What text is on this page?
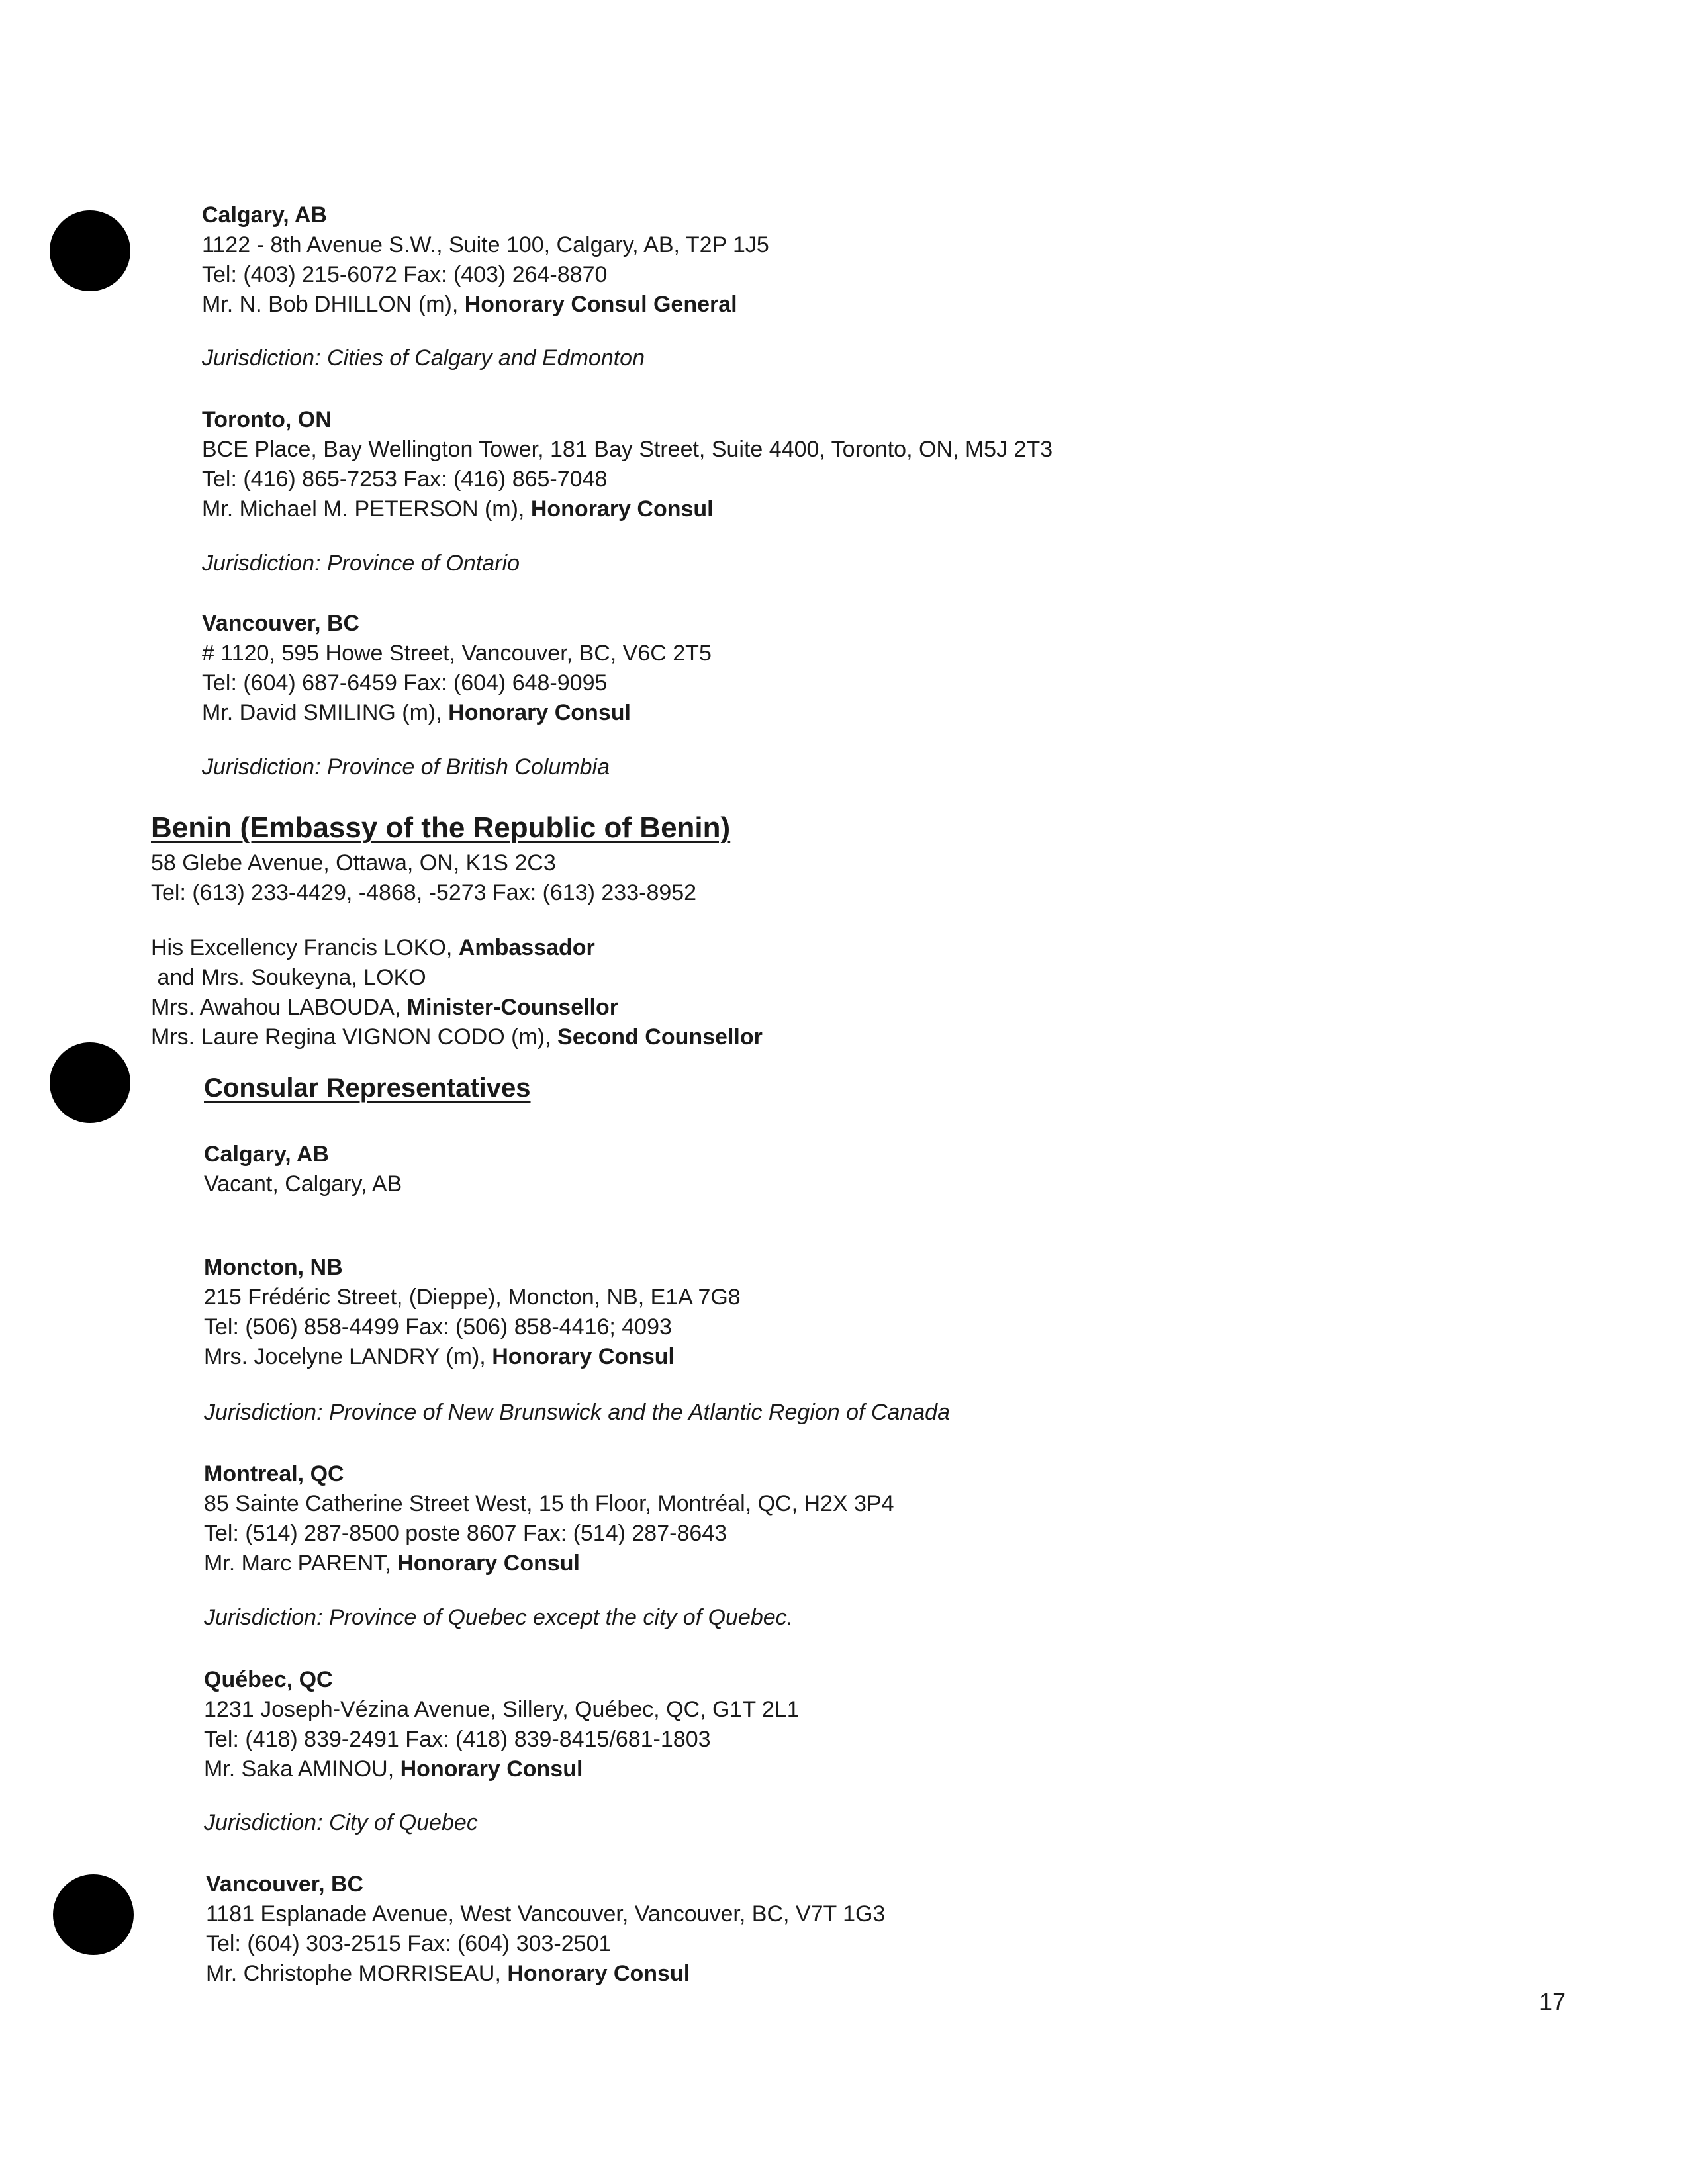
Calgary, AB
1122 - 8th Avenue S.W., Suite 100, Calgary, AB, T2P 1J5
Tel: (403) 215-6072 Fax: (403) 264-8870
Mr. N. Bob DHILLON (m), Honorary Consul General
Jurisdiction: Cities of Calgary and Edmonton
Toronto, ON
BCE Place, Bay Wellington Tower, 181 Bay Street, Suite 4400, Toronto, ON, M5J 2T3
Tel: (416) 865-7253 Fax: (416) 865-7048
Mr. Michael M. PETERSON (m), Honorary Consul
Jurisdiction: Province of Ontario
Vancouver, BC
# 1120, 595 Howe Street, Vancouver, BC, V6C 2T5
Tel: (604) 687-6459 Fax: (604) 648-9095
Mr. David SMILING (m), Honorary Consul
Jurisdiction: Province of British Columbia
Benin (Embassy of the Republic of Benin)
58 Glebe Avenue, Ottawa, ON, K1S 2C3
Tel: (613) 233-4429, -4868, -5273 Fax: (613) 233-8952
His Excellency Francis LOKO, Ambassador
and Mrs. Soukeyna, LOKO
Mrs. Awahou LABOUDA, Minister-Counsellor
Mrs. Laure Regina VIGNON CODO (m), Second Counsellor
Consular Representatives
Calgary, AB
Vacant, Calgary, AB
Moncton, NB
215 Frédéric Street, (Dieppe), Moncton, NB, E1A 7G8
Tel: (506) 858-4499 Fax: (506) 858-4416; 4093
Mrs. Jocelyne LANDRY (m), Honorary Consul
Jurisdiction: Province of New Brunswick and the Atlantic Region of Canada
Montreal, QC
85 Sainte Catherine Street West, 15 th Floor, Montréal, QC, H2X 3P4
Tel: (514) 287-8500 poste 8607 Fax: (514) 287-8643
Mr. Marc PARENT, Honorary Consul
Jurisdiction: Province of Quebec except the city of Quebec.
Québec, QC
1231 Joseph-Vézina Avenue, Sillery, Québec, QC, G1T 2L1
Tel: (418) 839-2491 Fax: (418) 839-8415/681-1803
Mr. Saka AMINOU, Honorary Consul
Jurisdiction: City of Quebec
Vancouver, BC
1181 Esplanade Avenue, West Vancouver, Vancouver, BC, V7T 1G3
Tel: (604) 303-2515 Fax: (604) 303-2501
Mr. Christophe MORRISEAU, Honorary Consul
17
